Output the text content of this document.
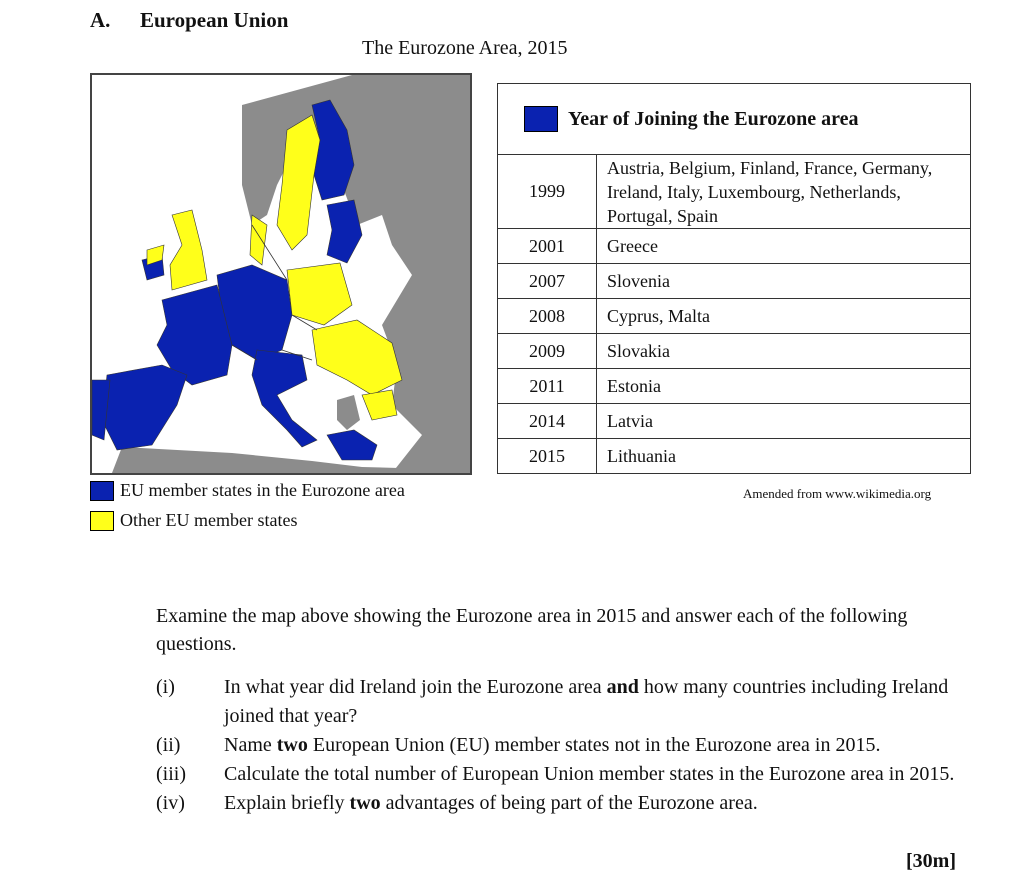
A. European Union

The Eurozone Area, 2015

EU member states in the Eurozone area
Other EU member states
Year of Joining the Eurozone area	

1999	Austria, Belgium, Finland, France, Germany, Ireland, Italy, Luxembourg, Netherlands, Portugal, Spain
2001	Greece
2007	Slovenia
2008	Cyprus, Malta
2009	Slovakia
2011	Estonia
2014	Latvia
2015	Lithuania
Amended from www.wikimedia.org

Examine the map above showing the Eurozone area in 2015 and answer each of the following questions.

(i)	In what year did Ireland join the Eurozone area and how many countries including Ireland joined that year?
(ii)	Name two European Union (EU) member states not in the Eurozone area in 2015.
(iii)	Calculate the total number of European Union member states in the Eurozone area in 2015.
(iv)	Explain briefly two advantages of being part of the Eurozone area.
[30m]
